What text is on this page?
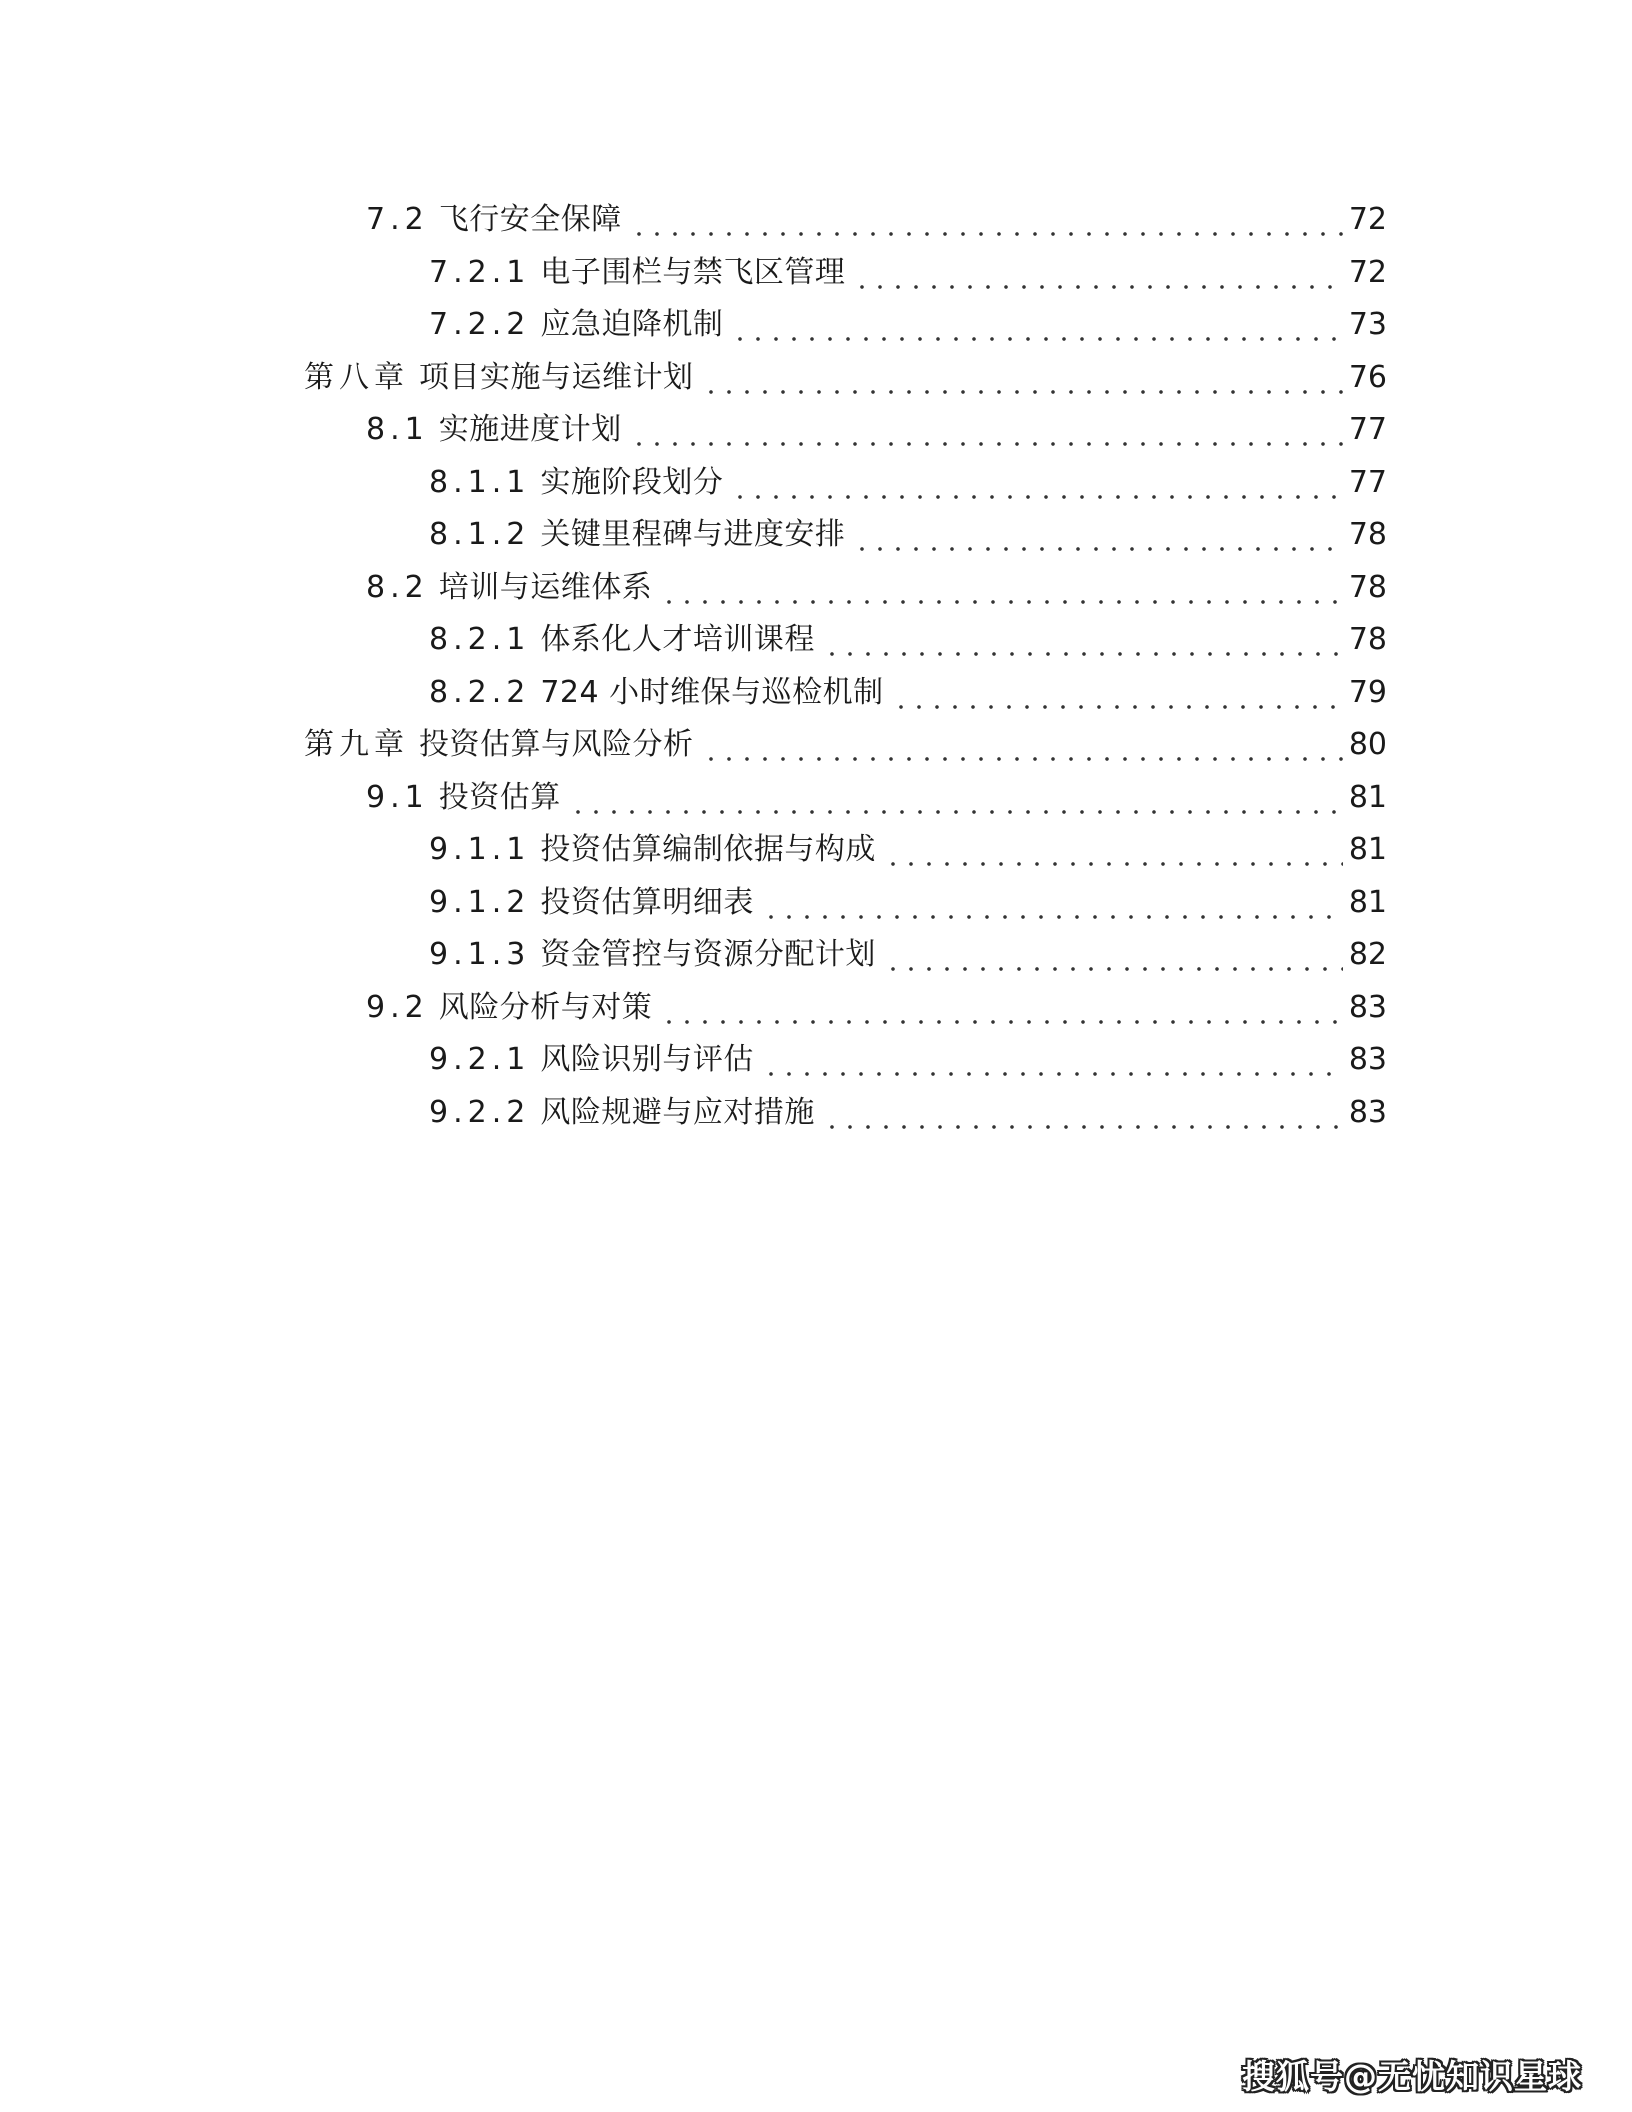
7.2 飞行安全保障	72
7.2.1 电子围栏与禁飞区管理	72
7.2.2 应急迫降机制	73
第八章 项目实施与运维计划	76
8.1 实施进度计划	77
8.1.1 实施阶段划分	77
8.1.2 关键里程碑与进度安排	78
8.2 培训与运维体系	78
8.2.1 体系化人才培训课程	78
8.2.2 724 小时维保与巡检机制	79
第九章 投资估算与风险分析	80
9.1 投资估算	81
9.1.1 投资估算编制依据与构成	81
9.1.2 投资估算明细表	81
9.1.3 资金管控与资源分配计划	82
9.2 风险分析与对策	83
9.2.1 风险识别与评估	83
9.2.2 风险规避与应对措施	83
搜狐号@无忧知识星球
